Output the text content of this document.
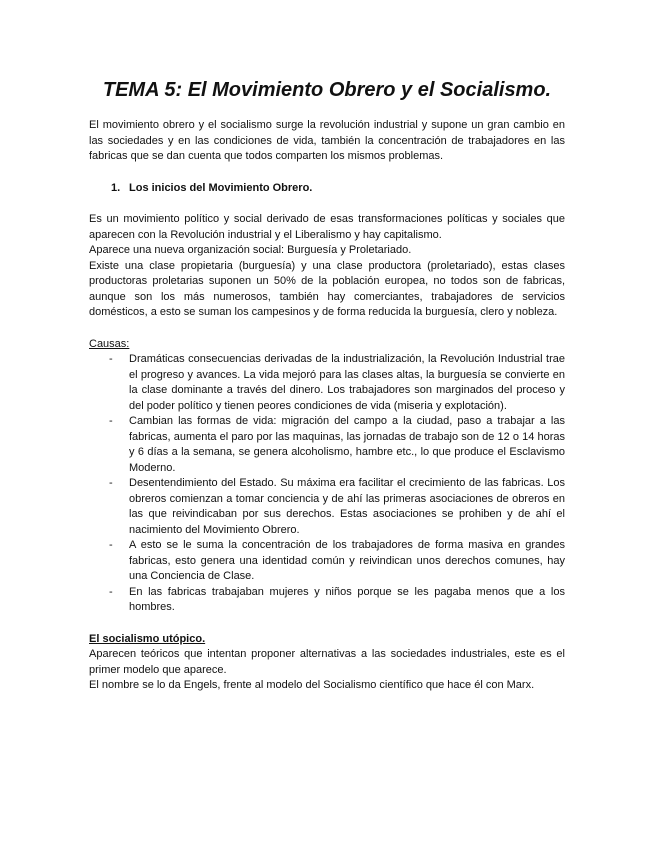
TEMA 5: El Movimiento Obrero y el Socialismo.

El movimiento obrero y el socialismo surge la revolución industrial y supone un gran cambio en las sociedades y en las condiciones de vida, también la concentración de trabajadores en las fabricas que se dan cuenta que todos comparten los mismos problemas.

1. Los inicios del Movimiento Obrero.

Es un movimiento político y social derivado de esas transformaciones políticas y sociales que aparecen con la Revolución industrial y el Liberalismo y hay capitalismo.

Aparece una nueva organización social: Burguesía y Proletariado.

Existe una clase propietaria (burguesía) y una clase productora (proletariado), estas clases productoras proletarias suponen un 50% de la población europea, no todos son de fabricas, aunque son los más numerosos, también hay comerciantes, trabajadores de servicios domésticos, a esto se suman los campesinos y de forma reducida la burguesía, clero y nobleza.

Causas:

- Dramáticas consecuencias derivadas de la industrialización, la Revolución Industrial trae el progreso y avances. La vida mejoró para las clases altas, la burguesía se convierte en la clase dominante a través del dinero. Los trabajadores son marginados del proceso y del poder político y tienen peores condiciones de vida (miseria y explotación).
- Cambian las formas de vida: migración del campo a la ciudad, paso a trabajar a las fabricas, aumenta el paro por las maquinas, las jornadas de trabajo son de 12 o 14 horas y 6 días a la semana, se genera alcoholismo, hambre etc., lo que produce el Esclavismo Moderno.
- Desentendimiento del Estado. Su máxima era facilitar el crecimiento de las fabricas. Los obreros comienzan a tomar conciencia y de ahí las primeras asociaciones de obreros en las que reivindicaban por sus derechos. Estas asociaciones se prohiben y de ahí el nacimiento del Movimiento Obrero.
- A esto se le suma la concentración de los trabajadores de forma masiva en grandes fabricas, esto genera una identidad común y reivindican unos derechos comunes, hay una Conciencia de Clase.
- En las fabricas trabajaban mujeres y niños porque se les pagaba menos que a los hombres.

El socialismo utópico.

Aparecen teóricos que intentan proponer alternativas a las sociedades industriales, este es el primer modelo que aparece.

El nombre se lo da Engels, frente al modelo del Socialismo científico que hace él con Marx.
